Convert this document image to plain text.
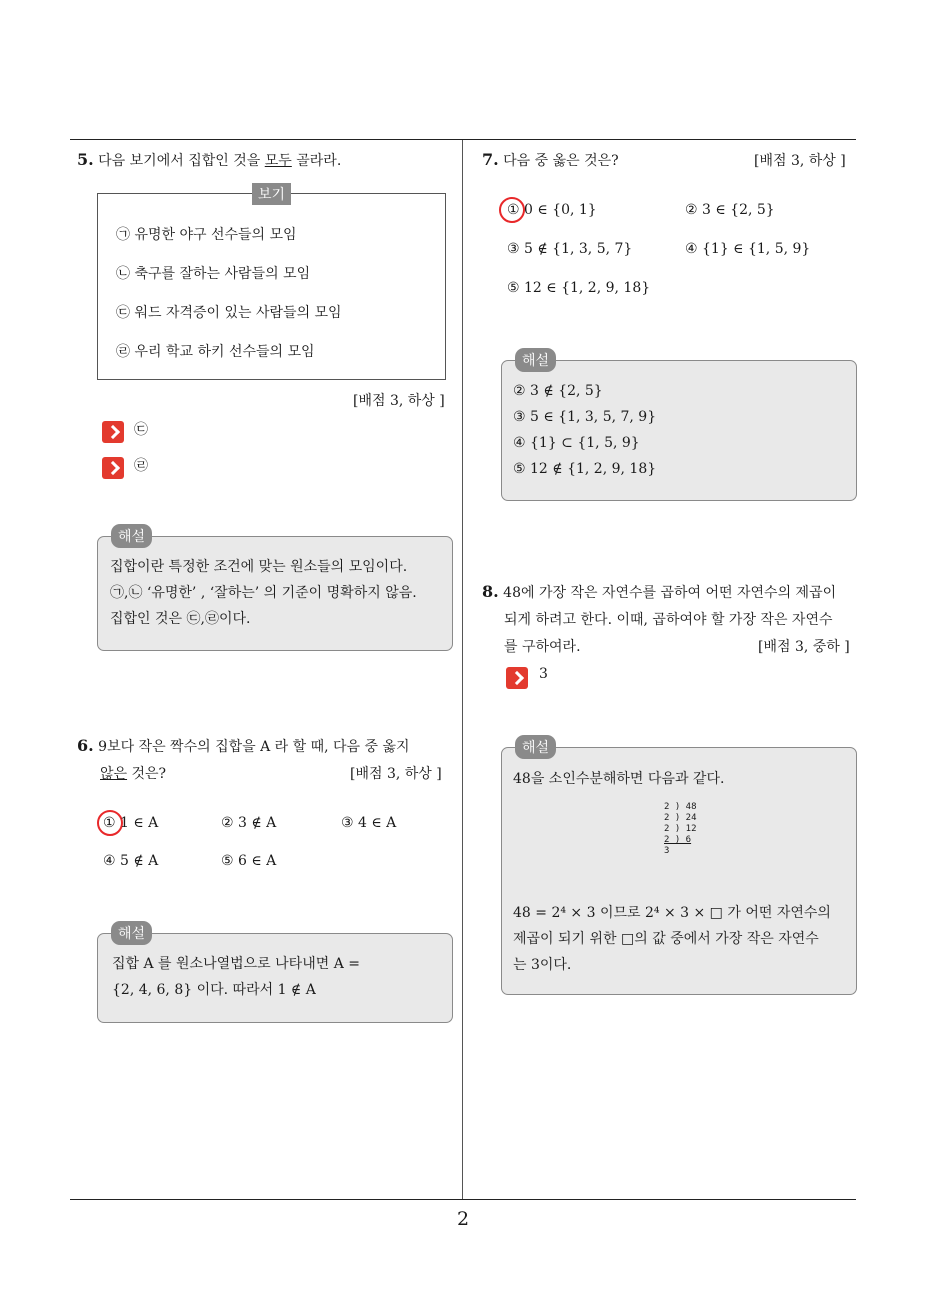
5. 다음 보기에서 집합인 것을 모두 골라라.
보기
㉠ 유명한 야구 선수들의 모임
㉡ 축구를 잘하는 사람들의 모임
㉢ 워드 자격증이 있는 사람들의 모임
㉣ 우리 학교 하키 선수들의 모임
[배점 3, 하상 ]
㉢
㉣
해설
집합이란 특정한 조건에 맞는 원소들의 모임이다.
㉠,㉡ ‘유명한’ , ‘잘하는’ 의 기준이 명확하지 않음.
집합인 것은 ㉢,㉣이다.
6. 9보다 작은 짝수의 집합을 A 라 할 때, 다음 중 옳지
않은 것은?	[배점 3, 하상 ]
① 1 ∈ A	② 3 ∉ A	③ 4 ∈ A
④ 5 ∉ A	⑤ 6 ∈ A
해설
집합 A 를 원소나열법으로 나타내면 A =
{2, 4, 6, 8} 이다. 따라서 1 ∉ A
7. 다음 중 옳은 것은?	[배점 3, 하상 ]
① 0 ∈ {0, 1}	② 3 ∈ {2, 5}
③ 5 ∉ {1, 3, 5, 7}	④ {1} ∈ {1, 5, 9}
⑤ 12 ∈ {1, 2, 9, 18}
해설
② 3 ∉ {2, 5}
③ 5 ∈ {1, 3, 5, 7, 9}
④ {1} ⊂ {1, 5, 9}
⑤ 12 ∉ {1, 2, 9, 18}
8. 48에 가장 작은 자연수를 곱하여 어떤 자연수의 제곱이
되게 하려고 한다. 이때, 곱하여야 할 가장 작은 자연수
를 구하여라.	[배점 3, 중하 ]
3
해설
48을 소인수분해하면 다음과 같다.
2 ) 48
2 ) 24
2 ) 12
2 ) 6
3
48 = 2⁴ × 3 이므로 2⁴ × 3 × □ 가 어떤 자연수의
제곱이 되기 위한 □의 값 중에서 가장 작은 자연수
는 3이다.
2
